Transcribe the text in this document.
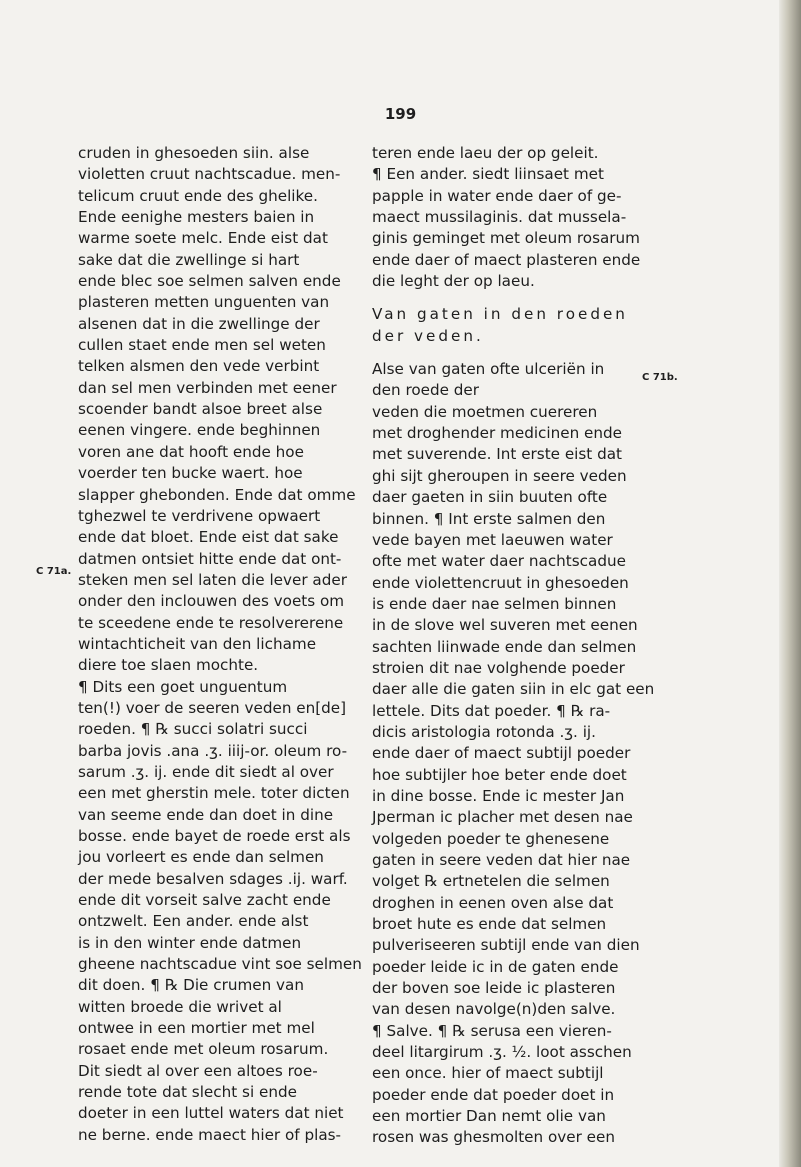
199
cruden in ghesoeden siin. alse
violetten cruut nachtscadue. men-
telicum cruut ende des ghelike.
Ende eenighe mesters baien in
warme soete melc. Ende eist dat
sake dat die zwellinge si hart
ende blec soe selmen salven ende
plasteren metten unguenten van
alsenen dat in die zwellinge der
cullen staet ende men sel weten
telken alsmen den vede verbint
dan sel men verbinden met eener
scoender bandt alsoe breet alse
eenen vingere. ende beghinnen
voren ane dat hooft ende hoe
voerder ten bucke waert. hoe
slapper ghebonden. Ende dat omme
tghezwel te verdrivene opwaert
ende dat bloet. Ende eist dat sake
datmen ontsiet hitte ende dat ont-
steken men sel laten die lever ader
onder den inclouwen des voets om
te sceedene ende te resolvererene
wintachticheit van den lichame
diere toe slaen mochte.
¶ Dits een goet unguentum
ten(!) voer de seeren veden en[de]
roeden. ¶ ℞ succi solatri succi
barba jovis .ana .ʒ. iiij-or. oleum ro-
sarum .ʒ. ij. ende dit siedt al over
een met gherstin mele. toter dicten
van seeme ende dan doet in dine
bosse. ende bayet de roede erst als
jou vorleert es ende dan selmen
der mede besalven sdages .ij. warf.
ende dit vorseit salve zacht ende
ontzwelt. Een ander. ende alst
is in den winter ende datmen
gheene nachtscadue vint soe selmen
dit doen. ¶ ℞ Die crumen van
witten broede die wrivet al
ontwee in een mortier met mel
rosaet ende met oleum rosarum.
Dit siedt al over een altoes roe-
rende tote dat slecht si ende
doeter in een luttel waters dat niet
ne berne. ende maect hier of plas-
teren ende laeu der op geleit.
¶ Een ander. siedt liinsaet met
papple in water ende daer of ge-
maect mussilaginis. dat mussela-
ginis geminget met oleum rosarum
ende daer of maect plasteren ende
die leght der op laeu.
Van gaten in den roeden
der veden.
Alse van gaten ofte ulceriën in
den roede der
veden die moetmen cuereren
met droghender medicinen ende
met suverende. Int erste eist dat
ghi sijt gheroupen in seere veden
daer gaeten in siin buuten ofte
binnen. ¶ Int erste salmen den
vede bayen met laeuwen water
ofte met water daer nachtscadue
ende violettencruut in ghesoeden
is ende daer nae selmen binnen
in de slove wel suveren met eenen
sachten liinwade ende dan selmen
stroien dit nae volghende poeder
daer alle die gaten siin in elc gat een
lettele. Dits dat poeder. ¶ ℞ ra-
dicis aristologia rotonda .ʒ. ij.
ende daer of maect subtijl poeder
hoe subtijler hoe beter ende doet
in dine bosse. Ende ic mester Jan
Jperman ic placher met desen nae
volgeden poeder te ghenesene
gaten in seere veden dat hier nae
volget ℞ ertnetelen die selmen
droghen in eenen oven alse dat
broet hute es ende dat selmen
pulveriseeren subtijl ende van dien
poeder leide ic in de gaten ende
der boven soe leide ic plasteren
van desen navolge(n)den salve.
¶ Salve. ¶ ℞ serusa een vieren-
deel litargirum .ʒ. ½. loot asschen
een once. hier of maect subtijl
poeder ende dat poeder doet in
een mortier Dan nemt olie van
rosen was ghesmolten over een
C 71a.
C 71b.
